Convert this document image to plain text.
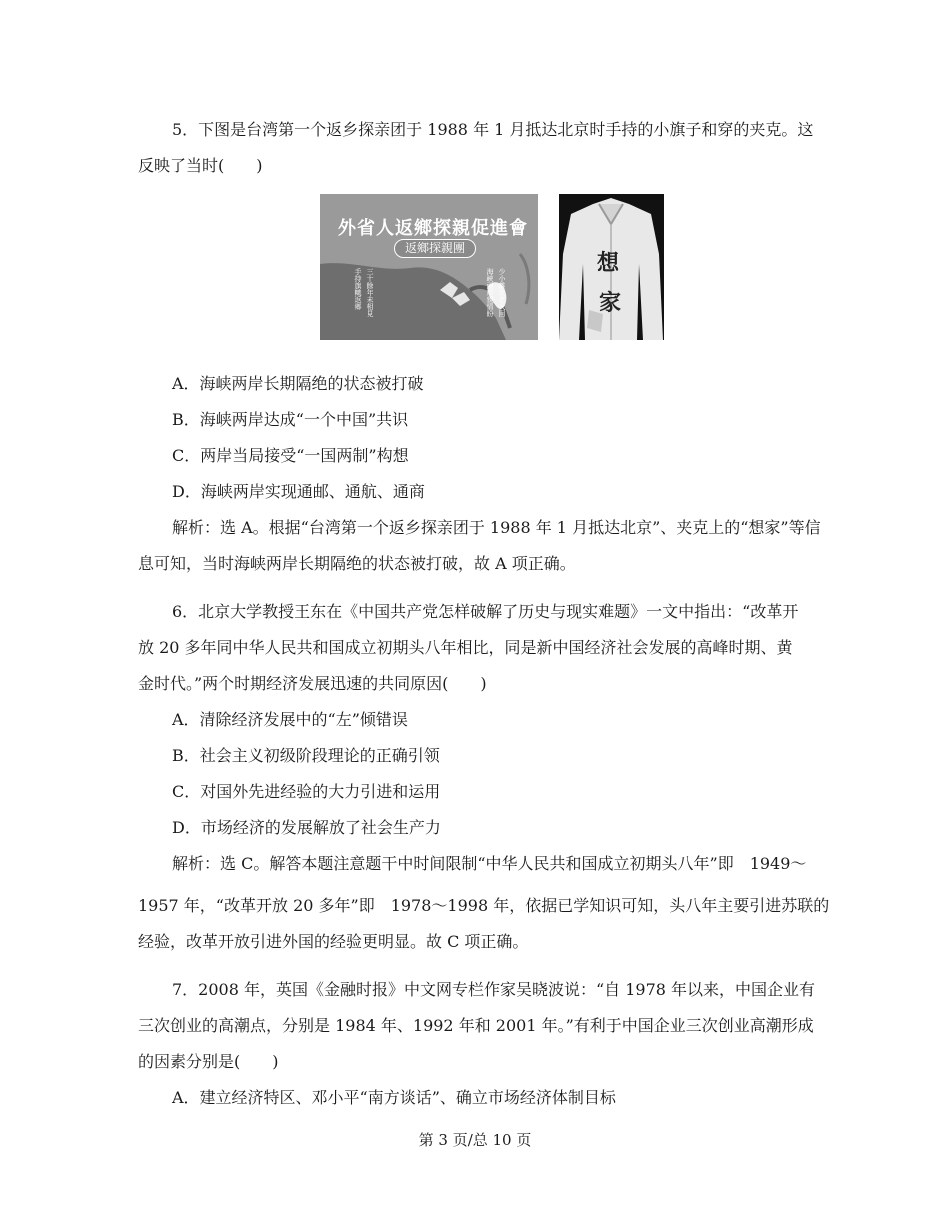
5．下图是台湾第一个返乡探亲团于 1988 年 1 月抵达北京时手持的小旗子和穿的夹克。这

反映了当时(　　)

外省人返鄉探親促進會
返鄉探親團
少小離家老大回
海峽兩岸親情盼
三十餘年未相見
手持旗幟返鄉
想
家

A．海峡两岸长期隔绝的状态被打破

B．海峡两岸达成“一个中国”共识

C．两岸当局接受“一国两制”构想

D．海峡两岸实现通邮、通航、通商

解析：选 A。根据“台湾第一个返乡探亲团于 1988 年 1 月抵达北京”、夹克上的“想家”等信

息可知，当时海峡两岸长期隔绝的状态被打破，故 A 项正确。

6．北京大学教授王东在《中国共产党怎样破解了历史与现实难题》一文中指出：“改革开

放 20 多年同中华人民共和国成立初期头八年相比，同是新中国经济社会发展的高峰时期、黄

金时代。”两个时期经济发展迅速的共同原因(　　)

A．清除经济发展中的“左”倾错误

B．社会主义初级阶段理论的正确引领

C．对国外先进经验的大力引进和运用

D．市场经济的发展解放了社会生产力

解析：选 C。解答本题注意题干中时间限制“中华人民共和国成立初期头八年”即　1949～

1957 年，“改革开放 20 多年”即　1978～1998 年，依据已学知识可知，头八年主要引进苏联的

经验，改革开放引进外国的经验更明显。故 C 项正确。

7．2008 年，英国《金融时报》中文网专栏作家吴晓波说：“自 1978 年以来，中国企业有

三次创业的高潮点，分别是 1984 年、1992 年和 2001 年。”有利于中国企业三次创业高潮形成

的因素分别是(　　)

A．建立经济特区、邓小平“南方谈话”、确立市场经济体制目标

第 3 页/总 10 页
